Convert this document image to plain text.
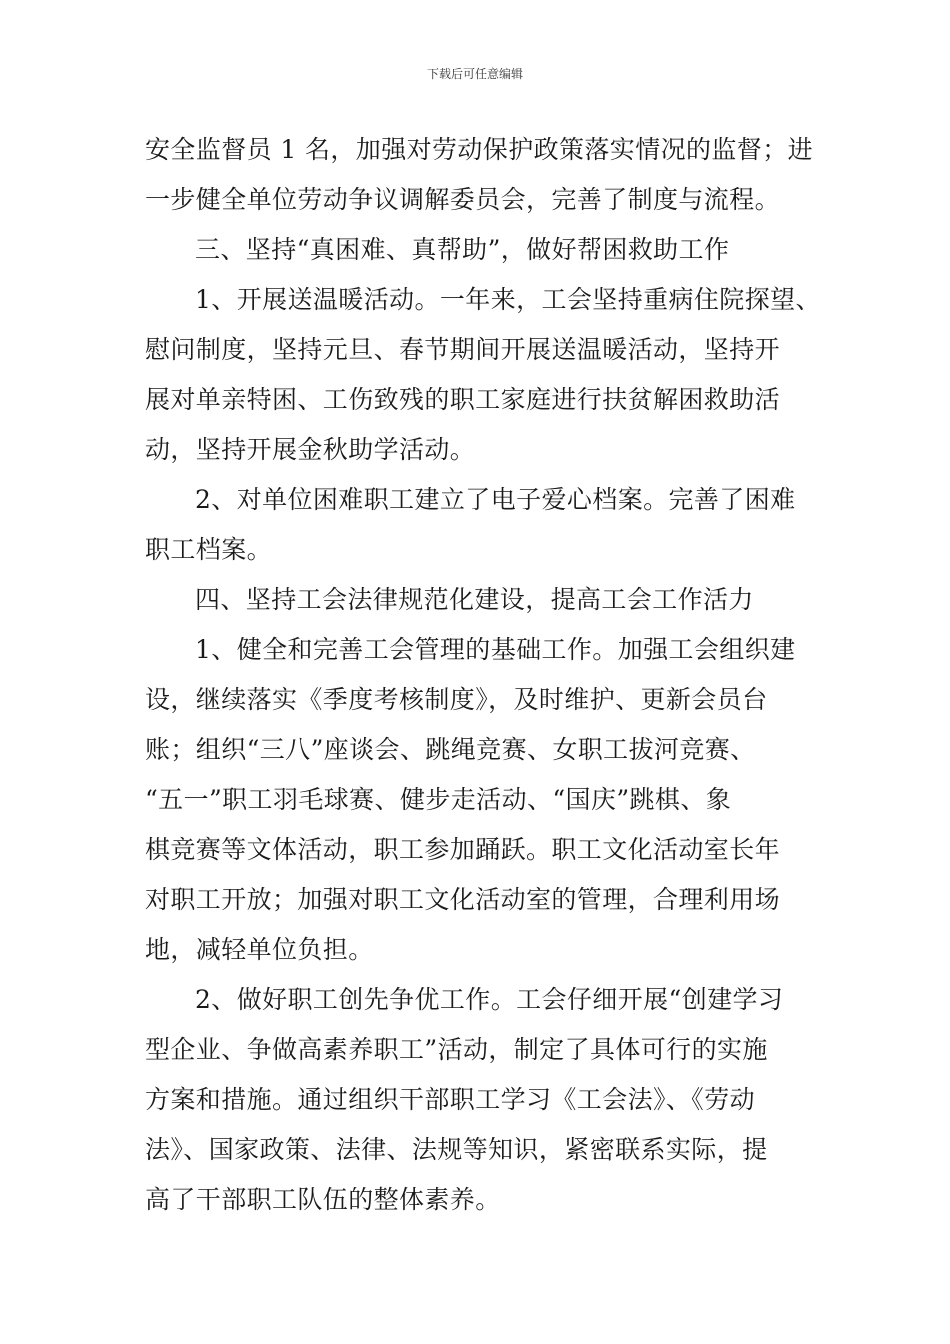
下载后可任意编辑
安全监督员 1 名，加强对劳动保护政策落实情况的监督；进
一步健全单位劳动争议调解委员会，完善了制度与流程。
三、坚持“真困难、真帮助”，做好帮困救助工作
1、开展送温暖活动。一年来，工会坚持重病住院探望、
慰问制度，坚持元旦、春节期间开展送温暖活动，坚持开
展对单亲特困、工伤致残的职工家庭进行扶贫解困救助活
动，坚持开展金秋助学活动。
2、对单位困难职工建立了电子爱心档案。完善了困难
职工档案。
四、坚持工会法律规范化建设，提高工会工作活力
1、健全和完善工会管理的基础工作。加强工会组织建
设，继续落实《季度考核制度》，及时维护、更新会员台
账；组织“三八”座谈会、跳绳竞赛、女职工拔河竞赛、
“五一”职工羽毛球赛、健步走活动、“国庆”跳棋、象
棋竞赛等文体活动，职工参加踊跃。职工文化活动室长年
对职工开放；加强对职工文化活动室的管理，合理利用场
地，减轻单位负担。
2、做好职工创先争优工作。工会仔细开展“创建学习
型企业、争做高素养职工”活动，制定了具体可行的实施
方案和措施。通过组织干部职工学习《工会法》、《劳动
法》、国家政策、法律、法规等知识，紧密联系实际，提
高了干部职工队伍的整体素养。
